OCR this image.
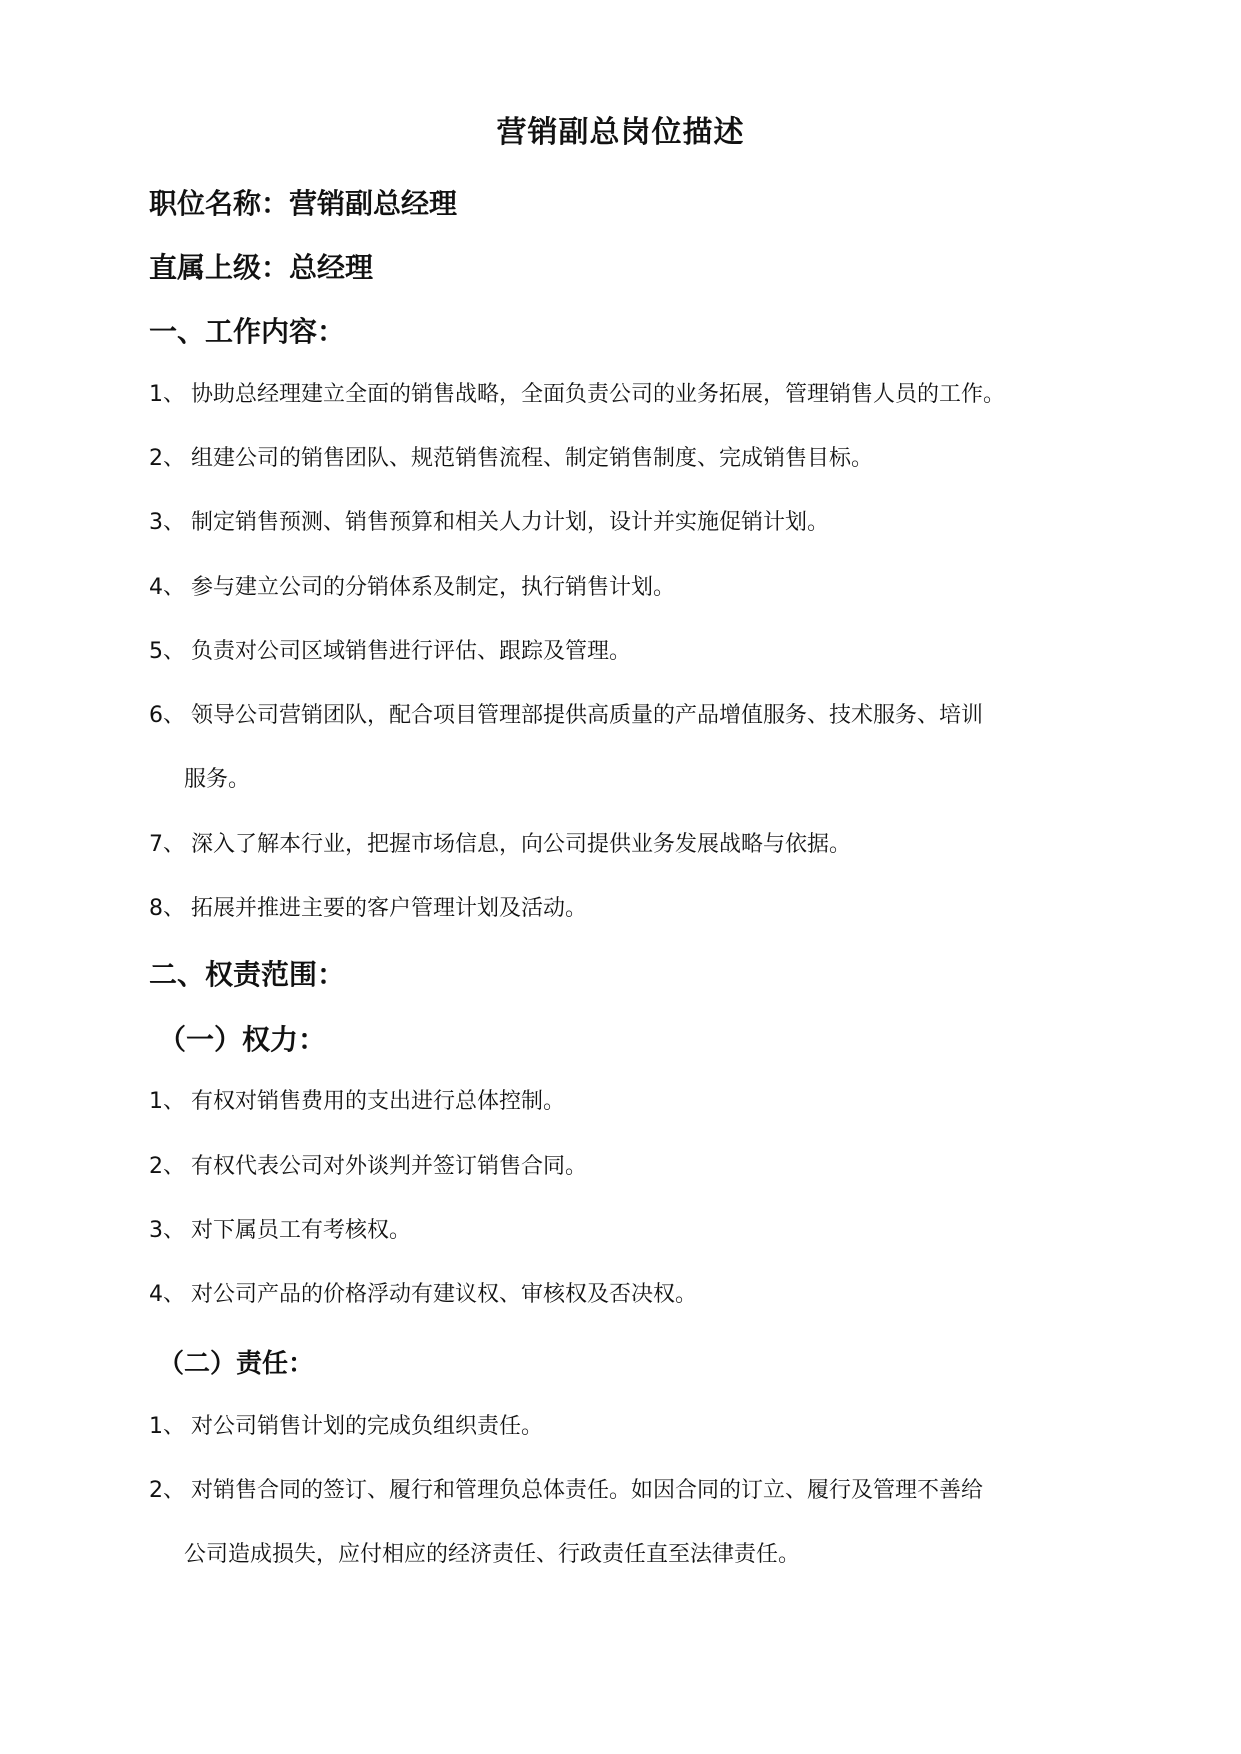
营销副总岗位描述
职位名称：营销副总经理
直属上级：总经理
一、工作内容：
1、 协助总经理建立全面的销售战略，全面负责公司的业务拓展，管理销售人员的工作。
2、 组建公司的销售团队、规范销售流程、制定销售制度、完成销售目标。
3、 制定销售预测、销售预算和相关人力计划，设计并实施促销计划。
4、 参与建立公司的分销体系及制定，执行销售计划。
5、 负责对公司区域销售进行评估、跟踪及管理。
6、 领导公司营销团队，配合项目管理部提供高质量的产品增值服务、技术服务、培训
服务。
7、 深入了解本行业，把握市场信息，向公司提供业务发展战略与依据。
8、 拓展并推进主要的客户管理计划及活动。
二、权责范围：
（一）权力：
1、 有权对销售费用的支出进行总体控制。
2、 有权代表公司对外谈判并签订销售合同。
3、 对下属员工有考核权。
4、 对公司产品的价格浮动有建议权、审核权及否决权。
（二）责任：
1、 对公司销售计划的完成负组织责任。
2、 对销售合同的签订、履行和管理负总体责任。如因合同的订立、履行及管理不善给
公司造成损失，应付相应的经济责任、行政责任直至法律责任。
